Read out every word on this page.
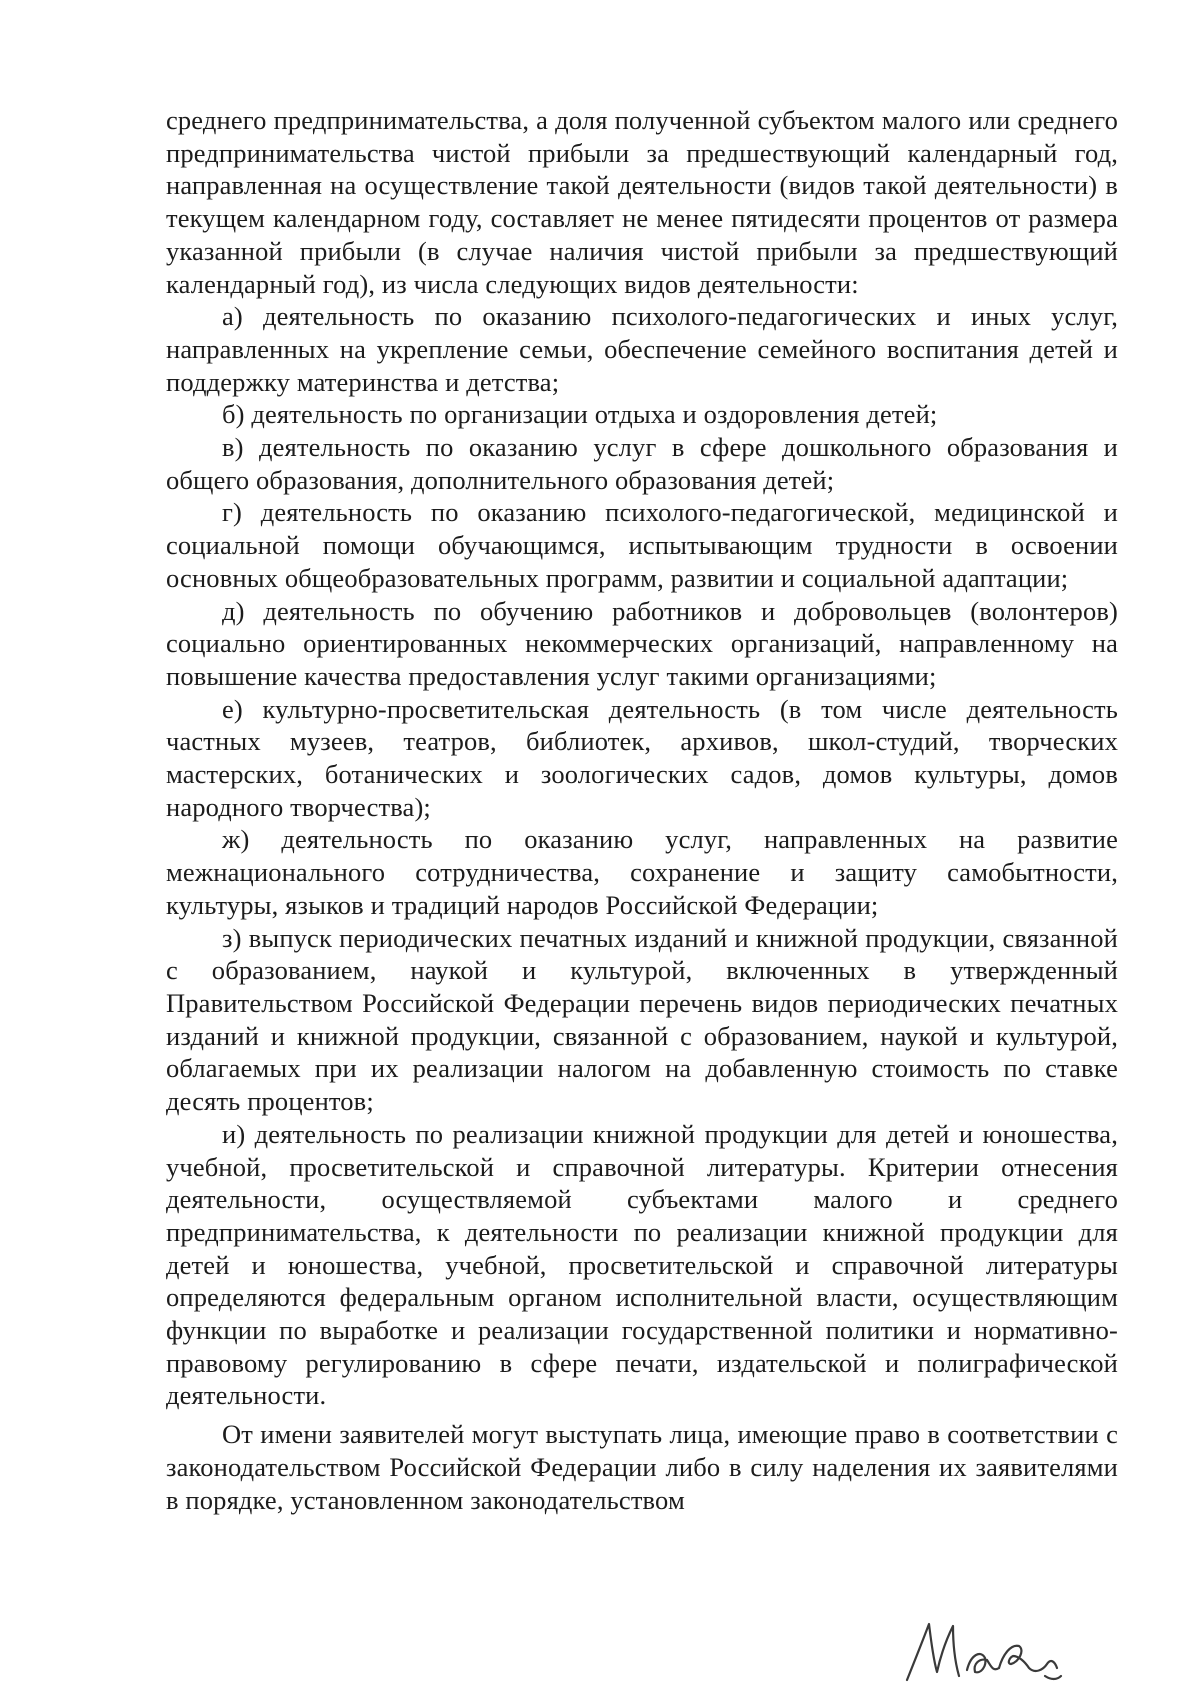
среднего предпринимательства, а доля полученной субъектом малого или среднего предпринимательства чистой прибыли за предшествующий календарный год, направленная на осуществление такой деятельности (видов такой деятельности) в текущем календарном году, составляет не менее пятидесяти процентов от размера указанной прибыли (в случае наличия чистой прибыли за предшествующий календарный год), из числа следующих видов деятельности:

а) деятельность по оказанию психолого-педагогических и иных услуг, направленных на укрепление семьи, обеспечение семейного воспитания детей и поддержку материнства и детства;

б) деятельность по организации отдыха и оздоровления детей;

в) деятельность по оказанию услуг в сфере дошкольного образования и общего образования, дополнительного образования детей;

г) деятельность по оказанию психолого-педагогической, медицинской и социальной помощи обучающимся, испытывающим трудности в освоении основных общеобразовательных программ, развитии и социальной адаптации;

д) деятельность по обучению работников и добровольцев (волонтеров) социально ориентированных некоммерческих организаций, направленному на повышение качества предоставления услуг такими организациями;

е) культурно-просветительская деятельность (в том числе деятельность частных музеев, театров, библиотек, архивов, школ-студий, творческих мастерских, ботанических и зоологических садов, домов культуры, домов народного творчества);

ж) деятельность по оказанию услуг, направленных на развитие межнационального сотрудничества, сохранение и защиту самобытности, культуры, языков и традиций народов Российской Федерации;

з) выпуск периодических печатных изданий и книжной продукции, связанной с образованием, наукой и культурой, включенных в утвержденный Правительством Российской Федерации перечень видов периодических печатных изданий и книжной продукции, связанной с образованием, наукой и культурой, облагаемых при их реализации налогом на добавленную стоимость по ставке десять процентов;

и) деятельность по реализации книжной продукции для детей и юношества, учебной, просветительской и справочной литературы. Критерии отнесения деятельности, осуществляемой субъектами малого и среднего предпринимательства, к деятельности по реализации книжной продукции для детей и юношества, учебной, просветительской и справочной литературы определяются федеральным органом исполнительной власти, осуществляющим функции по выработке и реализации государственной политики и нормативно-правовому регулированию в сфере печати, издательской и полиграфической деятельности.

От имени заявителей могут выступать лица, имеющие право в соответствии с законодательством Российской Федерации либо в силу наделения их заявителями в порядке, установленном законодательством
